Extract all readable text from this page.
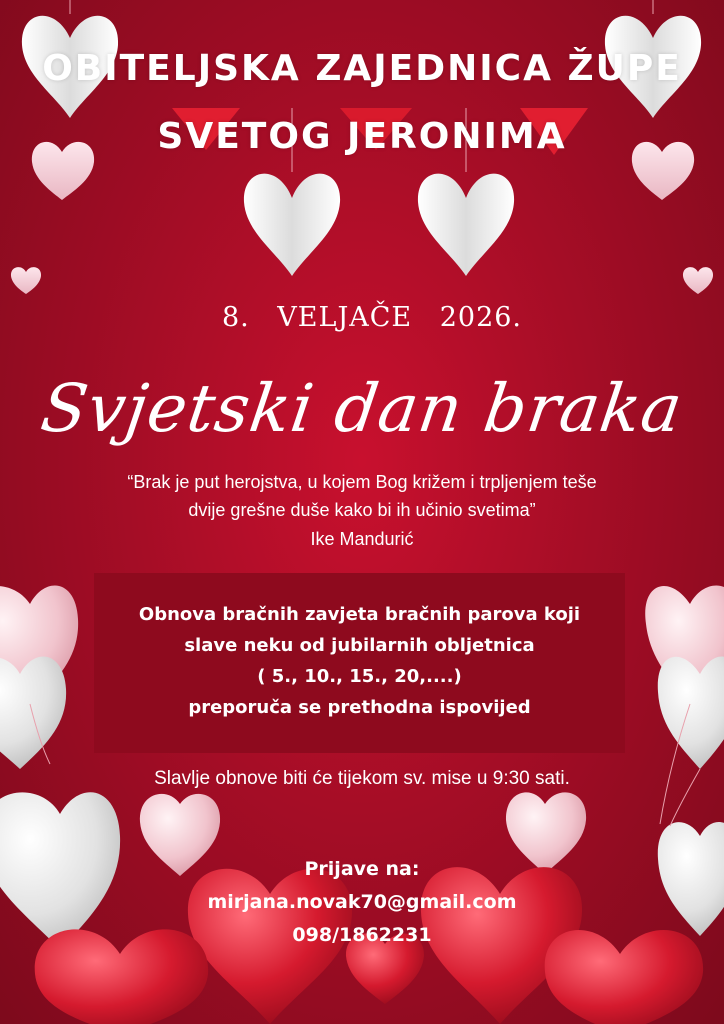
OBITELJSKA ZAJEDNICA ŽUPE
SVETOG JERONIMA
8. VELJAČE 2026.
Svjetski dan braka
“Brak je put herojstva, u kojem Bog križem i trpljenjem teše
dvije grešne duše kako bi ih učinio svetima”
Ike Mandurić
Obnova bračnih zavjeta bračnih parova koji
slave neku od jubilarnih obljetnica
( 5., 10., 15., 20,....)
preporuča se prethodna ispovijed
Slavlje obnove biti će tijekom sv. mise u 9:30 sati.
Prijave na:
mirjana.novak70@gmail.com
098/1862231
